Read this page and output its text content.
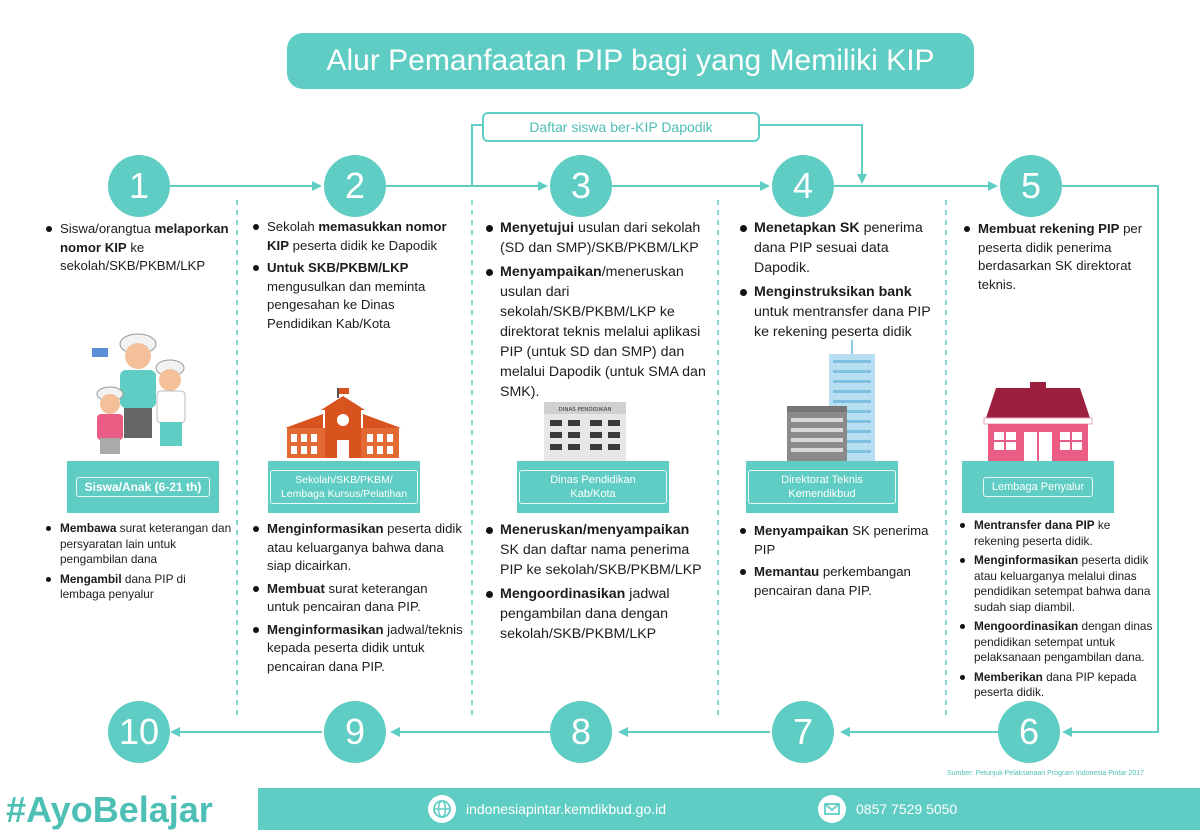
Alur Pemanfaatan PIP bagi yang Memiliki KIP
Daftar siswa ber-KIP Dapodik
1	2	3	4	5
6
7
8
9
10
Siswa/orangtua melaporkan nomor KIP ke sekolah/SKB/PKBM/LKP
Siswa/Anak (6-21 th)
Membawa surat keterangan dan persyaratan lain untuk pengambilan dana
Mengambil dana PIP di lembaga penyalur
Sekolah memasukkan nomor KIP peserta didik ke Dapodik
Untuk SKB/PKBM/LKP mengusulkan dan meminta pengesahan ke Dinas Pendidikan Kab/Kota
Sekolah/SKB/PKBM/ Lembaga Kursus/Pelatihan
Menginformasikan peserta didik atau keluarganya bahwa dana siap dicairkan.
Membuat surat keterangan untuk pencairan dana PIP.
Menginformasikan jadwal/teknis kepada peserta didik untuk pencairan dana PIP.
Menyetujui usulan dari sekolah (SD dan SMP)/SKB/PKBM/LKP
Menyampaikan/meneruskan usulan dari sekolah/SKB/PKBM/LKP ke direktorat teknis melalui aplikasi PIP (untuk SD dan SMP) dan melalui Dapodik (untuk SMA dan SMK).
DINAS PENDIDIKAN
Dinas Pendidikan Kab/Kota
Meneruskan/menyampaikan SK dan daftar nama penerima PIP ke sekolah/SKB/PKBM/LKP
Mengoordinasikan jadwal pengambilan dana dengan sekolah/SKB/PKBM/LKP
Menetapkan SK penerima dana PIP sesuai data Dapodik.
Menginstruksikan bank untuk mentransfer dana PIP ke rekening peserta didik
Direktorat Teknis Kemendikbud
Menyampaikan SK penerima PIP
Memantau perkembangan pencairan dana PIP.
Membuat rekening PIP per peserta didik penerima berdasarkan SK direktorat teknis.
Lembaga Penyalur
Mentransfer dana PIP ke rekening peserta didik.
Menginformasikan peserta didik atau keluarganya melalui dinas pendidikan setempat bahwa dana sudah siap diambil.
Mengoordinasikan dengan dinas pendidikan setempat untuk pelaksanaan pengambilan dana.
Memberikan dana PIP kepada peserta didik.
Sumber: Petunjuk Pelaksanaan Program Indonesia Pintar 2017
#AyoBelajar	indonesiapintar.kemdikbud.go.id	0857 7529 5050
